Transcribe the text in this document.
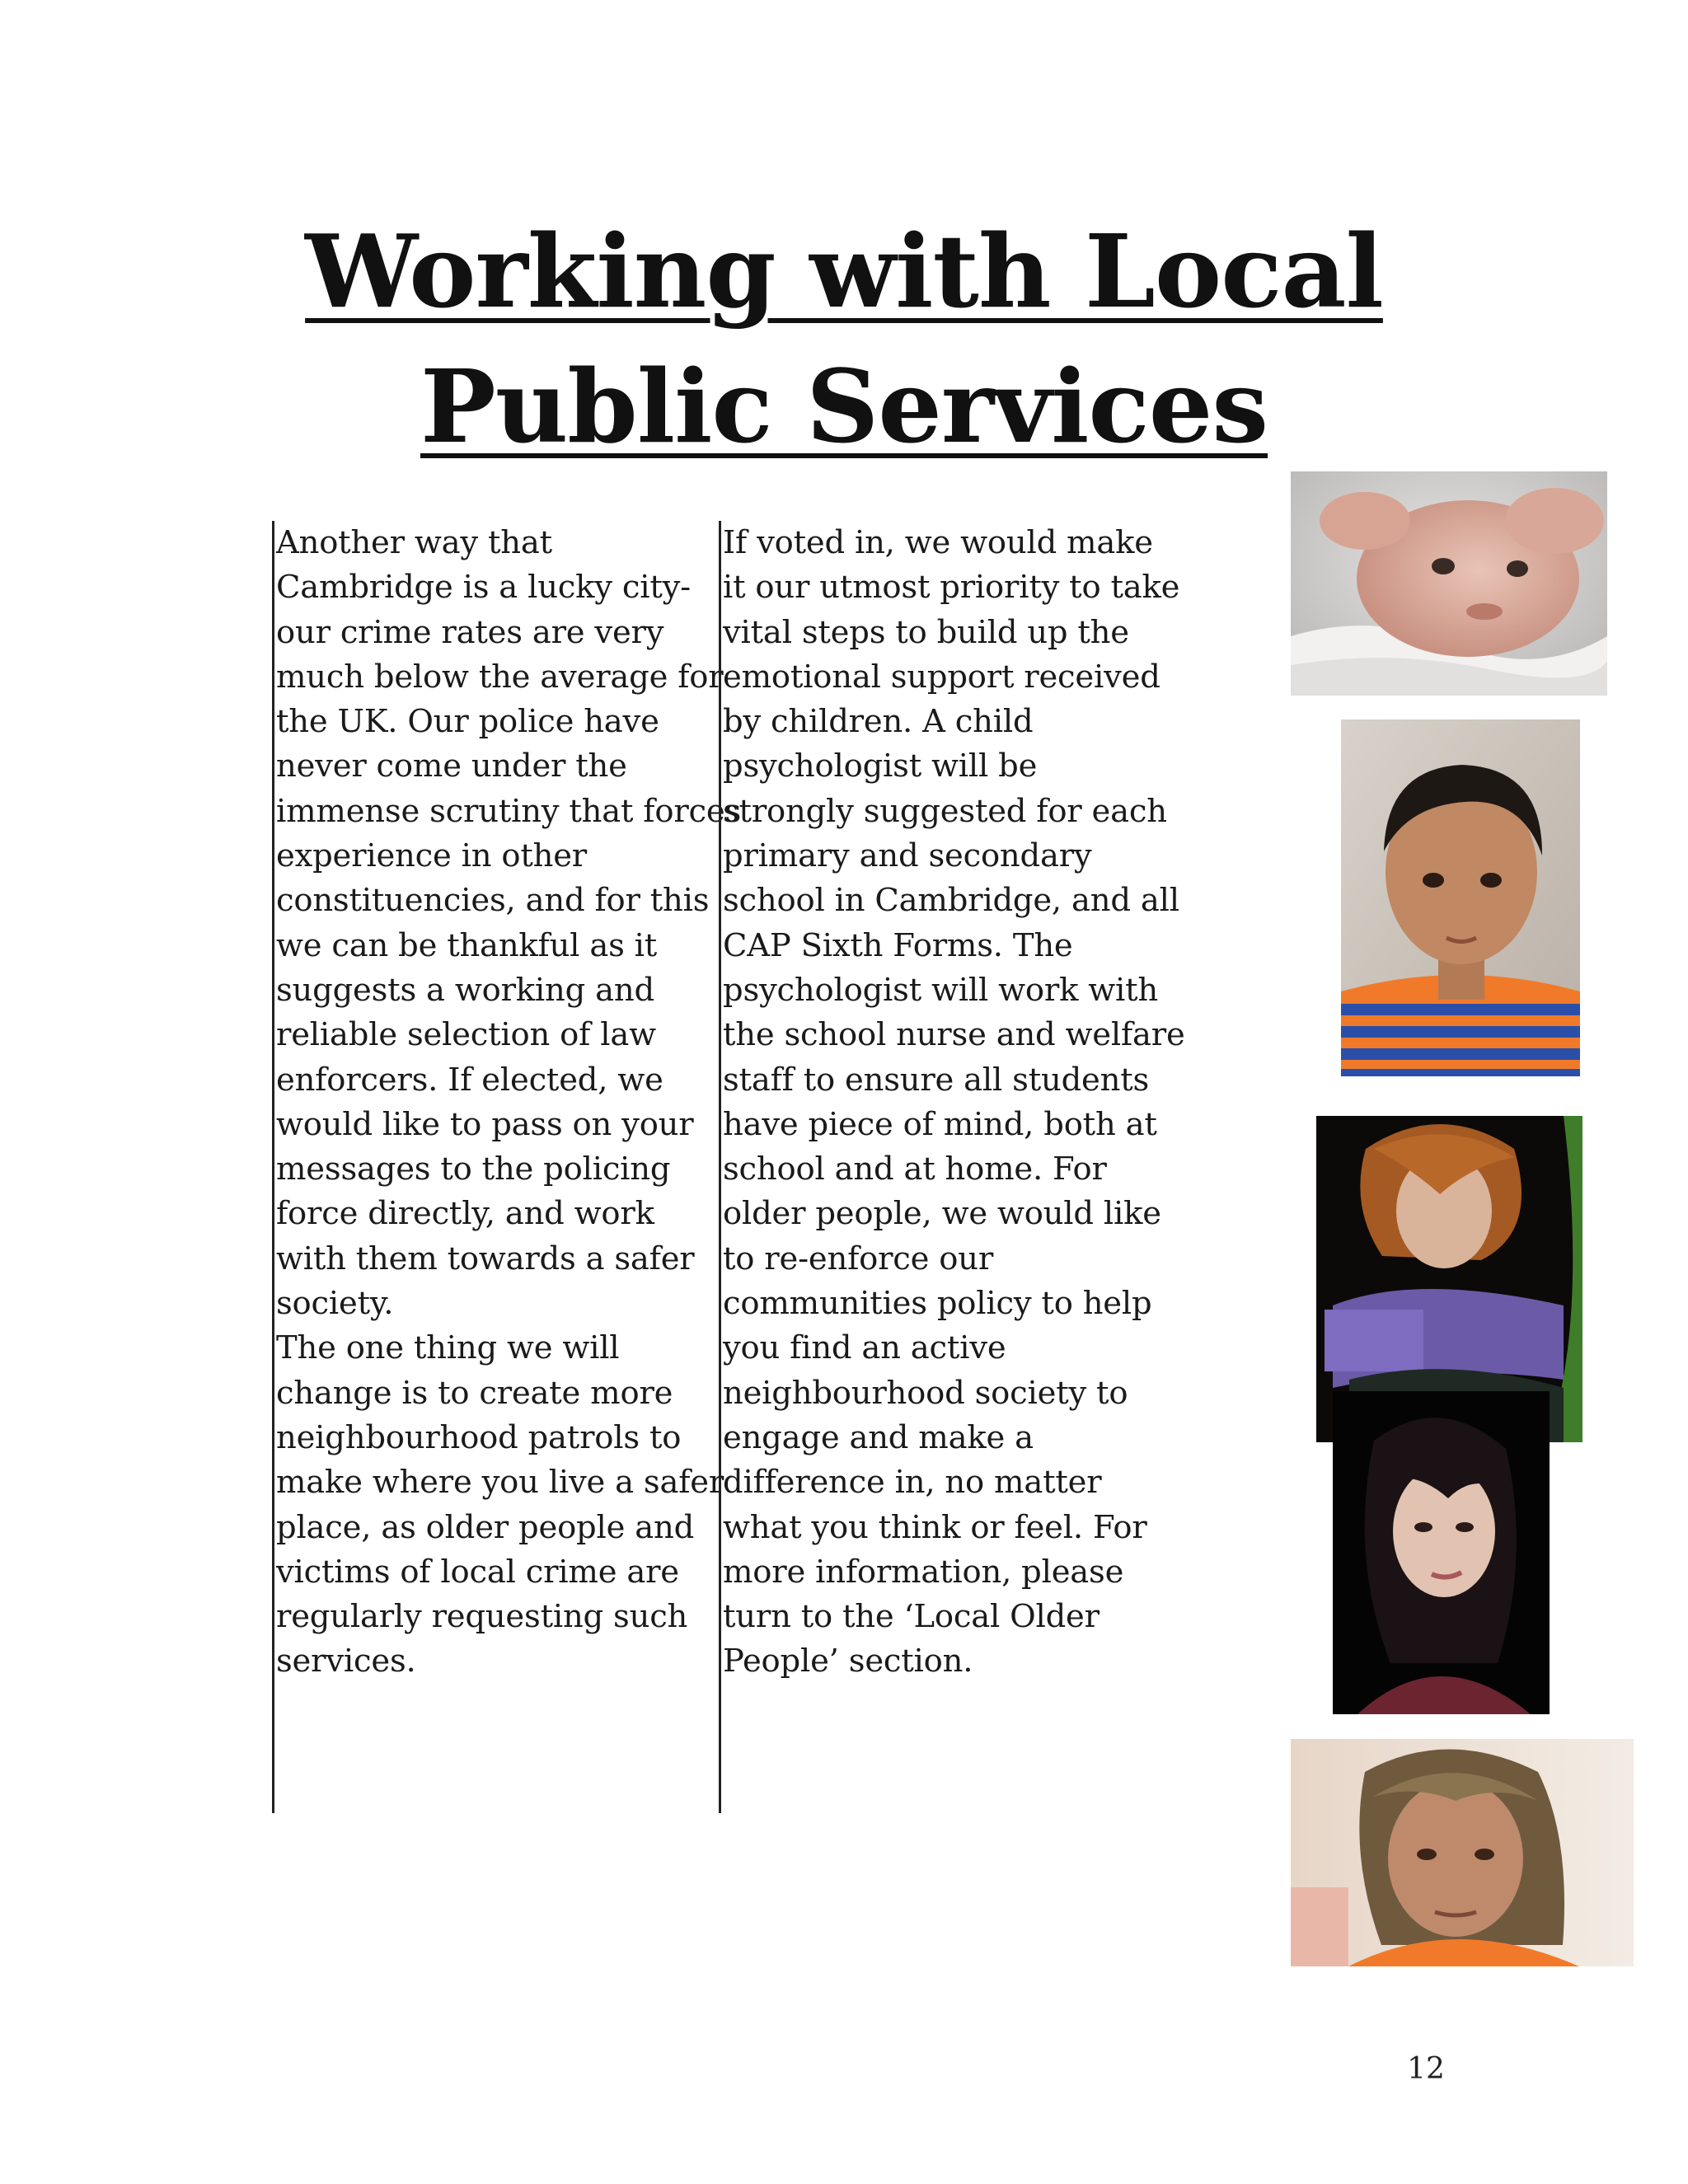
Working with Local
Public Services
Another way that
Cambridge is a lucky city-
our crime rates are very
much below the average for
the UK. Our police have
never come under the
immense scrutiny that forces
experience in other
constituencies, and for this
we can be thankful as it
suggests a working and
reliable selection of law
enforcers. If elected, we
would like to pass on your
messages to the policing
force directly, and work
with them towards a safer
society.
The one thing we will
change is to create more
neighbourhood patrols to
make where you live a safer
place, as older people and
victims of local crime are
regularly requesting such
services.
If voted in, we would make
it our utmost priority to take
vital steps to build up the
emotional support received
by children. A child
psychologist will be
strongly suggested for each
primary and secondary
school in Cambridge, and all
CAP Sixth Forms. The
psychologist will work with
the school nurse and welfare
staff to ensure all students
have piece of mind, both at
school and at home. For
older people, we would like
to re-enforce our
communities policy to help
you find an active
neighbourhood society to
engage and make a
difference in, no matter
what you think or feel. For
more information, please
turn to the ‘Local Older
People’ section.
12
